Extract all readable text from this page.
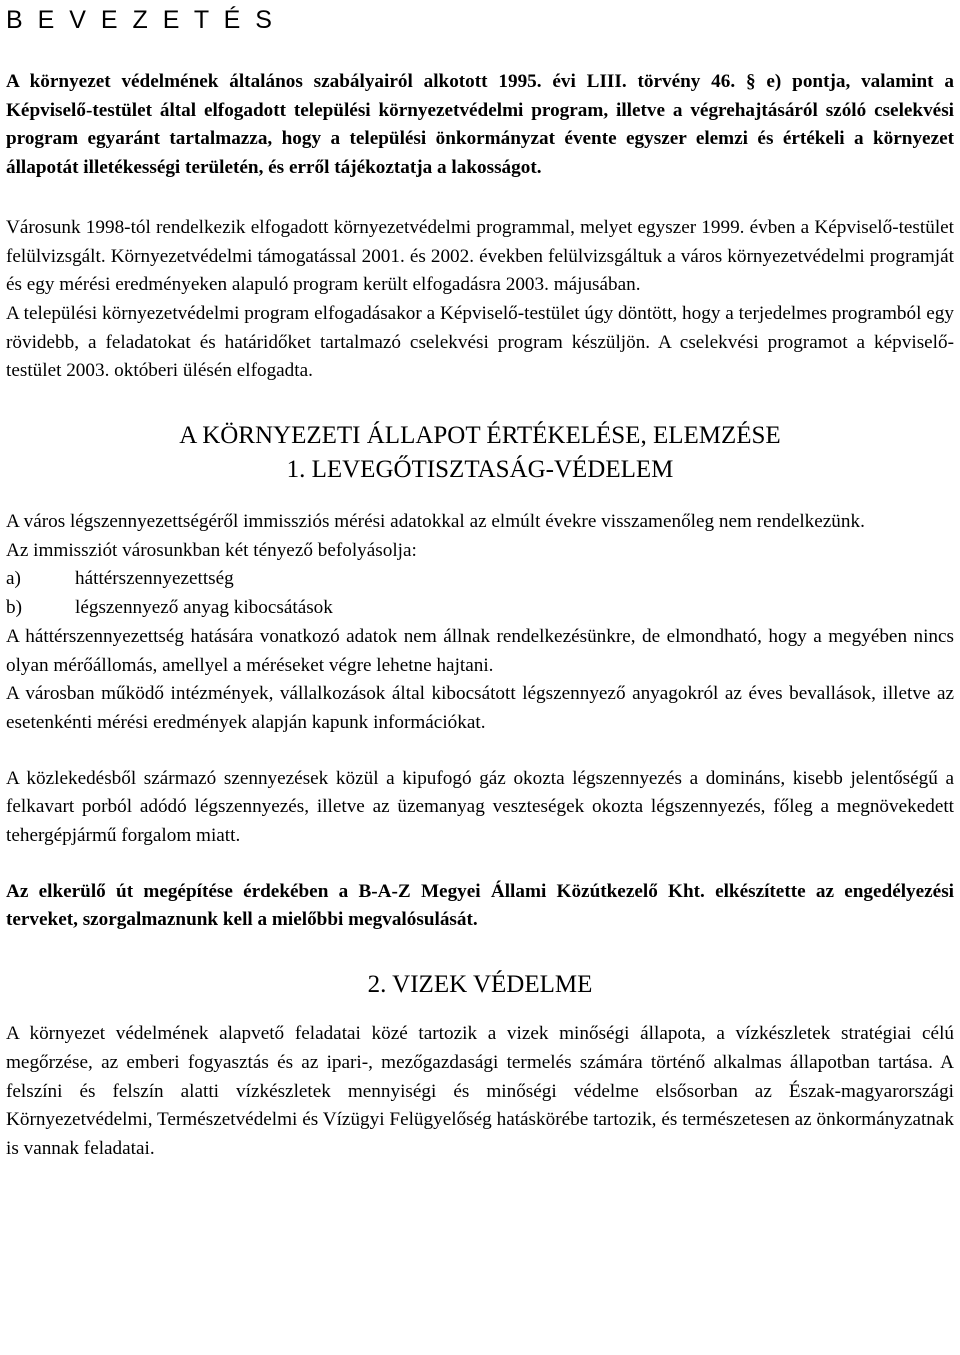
B E V E Z E T É S

A környezet védelmének általános szabályairól alkotott 1995. évi LIII. törvény 46. § e) pontja, valamint a Képviselő-testület által elfogadott települési környezetvédelmi program, illetve a végrehajtásáról szóló cselekvési program egyaránt tartalmazza, hogy a települési önkormányzat évente egyszer elemzi és értékeli a környezet állapotát illetékességi területén, és erről tájékoztatja a lakosságot.

Városunk 1998-tól rendelkezik elfogadott környezetvédelmi programmal, melyet egyszer 1999. évben a Képviselő-testület felülvizsgált. Környezetvédelmi támogatással 2001. és 2002. években felülvizsgáltuk a város környezetvédelmi programját és egy mérési eredményeken alapuló program került elfogadásra 2003. májusában.

A települési környezetvédelmi program elfogadásakor a Képviselő-testület úgy döntött, hogy a terjedelmes programból egy rövidebb, a feladatokat és határidőket tartalmazó cselekvési program készüljön. A cselekvési programot a képviselő-testület 2003. októberi ülésén elfogadta.

A KÖRNYEZETI ÁLLAPOT ÉRTÉKELÉSE, ELEMZÉSE
1. LEVEGŐTISZTASÁG-VÉDELEM

A város légszennyezettségéről immissziós mérési adatokkal az elmúlt évekre visszamenőleg nem rendelkezünk.

Az immissziót városunkban két tényező befolyásolja:

a)	háttérszennyezettség
b)	légszennyező anyag kibocsátások

A háttérszennyezettség hatására vonatkozó adatok nem állnak rendelkezésünkre, de elmondható, hogy a megyében nincs olyan mérőállomás, amellyel a méréseket végre lehetne hajtani.

A városban működő intézmények, vállalkozások által kibocsátott légszennyező anyagokról az éves bevallások, illetve az esetenkénti mérési eredmények alapján kapunk információkat.

A közlekedésből származó szennyezések közül a kipufogó gáz okozta légszennyezés a domináns, kisebb jelentőségű a felkavart porból adódó légszennyezés, illetve az üzemanyag veszteségek okozta légszennyezés, főleg a megnövekedett tehergépjármű forgalom miatt.

Az elkerülő út megépítése érdekében a B-A-Z Megyei Állami Közútkezelő Kht. elkészítette az engedélyezési terveket, szorgalmaznunk kell a mielőbbi megvalósulását.

2. VIZEK VÉDELME

A környezet védelmének alapvető feladatai közé tartozik a vizek minőségi állapota, a vízkészletek stratégiai célú megőrzése, az emberi fogyasztás és az ipari-, mezőgazdasági termelés számára történő alkalmas állapotban tartása. A felszíni és felszín alatti vízkészletek mennyiségi és minőségi védelme elsősorban az Észak-magyarországi Környezetvédelmi, Természetvédelmi és Vízügyi Felügyelőség hatáskörébe tartozik, és természetesen az önkormányzatnak is vannak feladatai.
